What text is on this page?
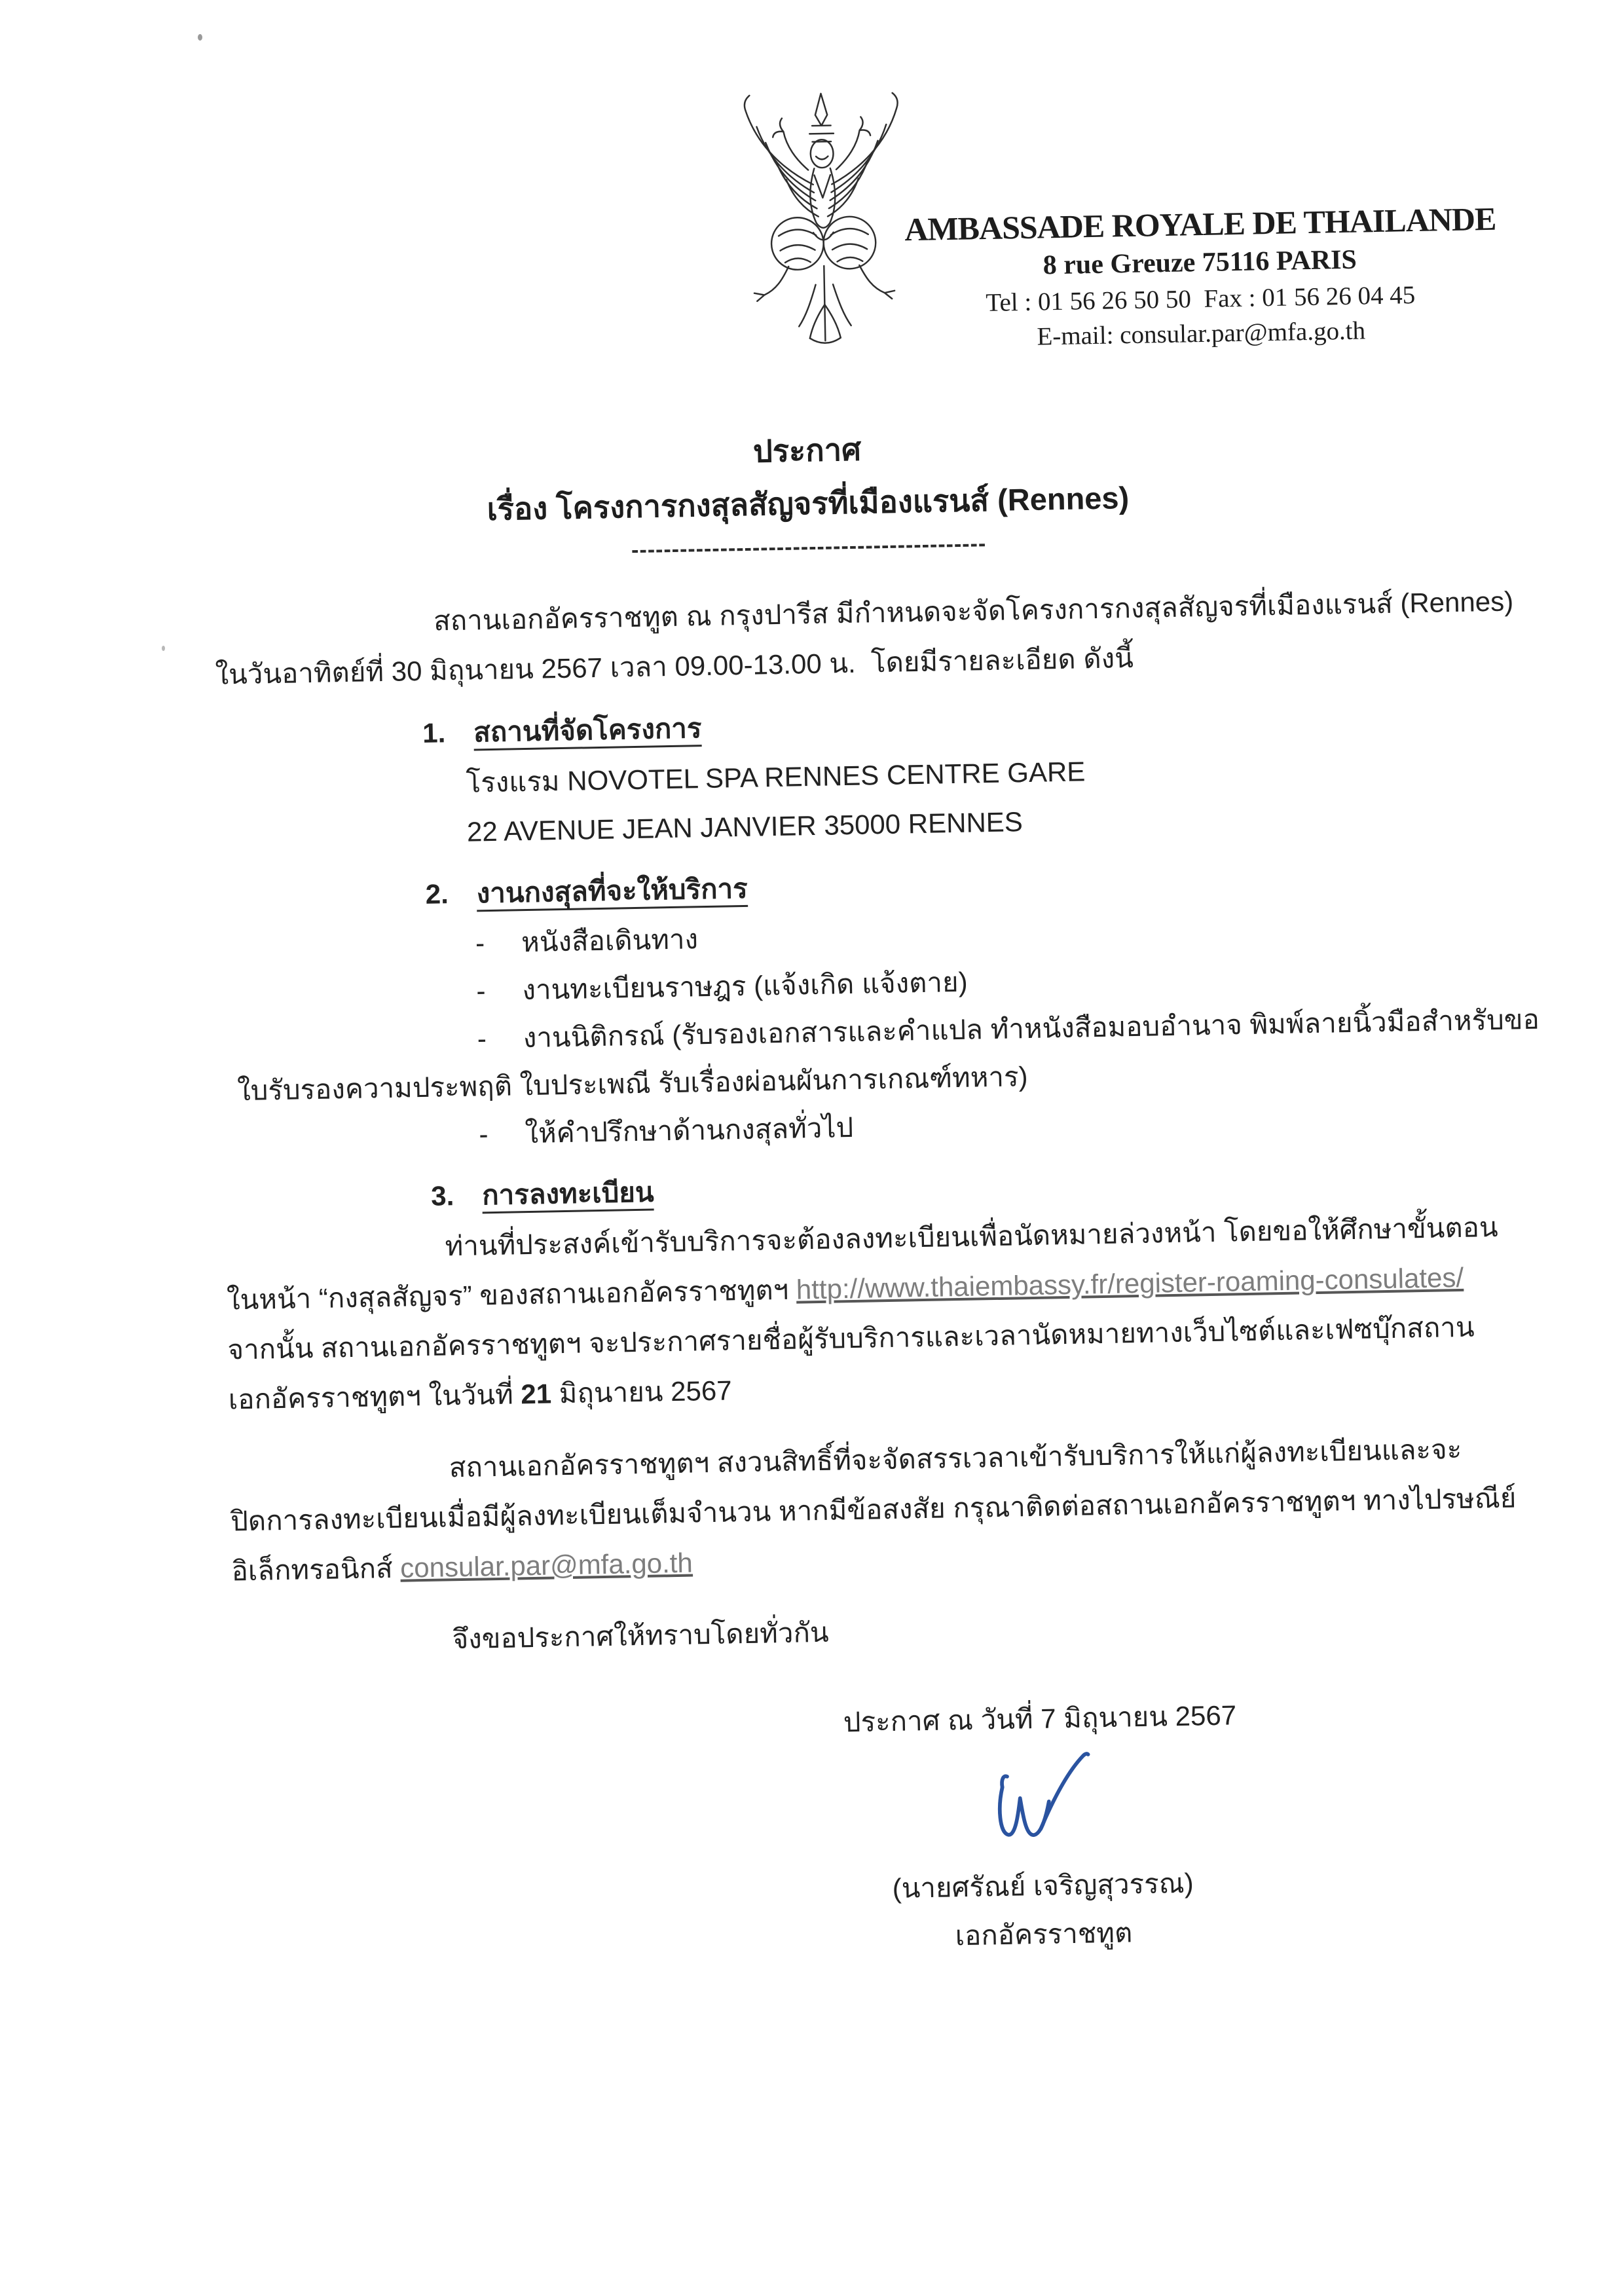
AMBASSADE ROYALE DE THAILANDE
8 rue Greuze 75116 PARIS
Tel : 01 56 26 50 50  Fax : 01 56 26 04 45
E-mail: consular.par@mfa.go.th
ประกาศ
เรื่อง โครงการกงสุลสัญจรที่เมืองแรนส์ (Rennes)
--------------------------------------------
สถานเอกอัครราชทูต ณ กรุงปารีส มีกำหนดจะจัดโครงการกงสุลสัญจรที่เมืองแรนส์ (Rennes)
ในวันอาทิตย์ที่ 30 มิถุนายน 2567 เวลา 09.00-13.00 น.  โดยมีรายละเอียด ดังนี้
1. สถานที่จัดโครงการ
โรงแรม NOVOTEL SPA RENNES CENTRE GARE
22 AVENUE JEAN JANVIER 35000 RENNES
2. งานกงสุลที่จะให้บริการ
- หนังสือเดินทาง
- งานทะเบียนราษฎร (แจ้งเกิด แจ้งตาย)
- งานนิติกรณ์ (รับรองเอกสารและคำแปล ทำหนังสือมอบอำนาจ พิมพ์ลายนิ้วมือสำหรับขอ
ใบรับรองความประพฤติ ใบประเพณี รับเรื่องผ่อนผันการเกณฑ์ทหาร)
- ให้คำปรึกษาด้านกงสุลทั่วไป
3. การลงทะเบียน
ท่านที่ประสงค์เข้ารับบริการจะต้องลงทะเบียนเพื่อนัดหมายล่วงหน้า โดยขอให้ศึกษาขั้นตอน
ในหน้า “กงสุลสัญจร” ของสถานเอกอัครราชทูตฯ http://www.thaiembassy.fr/register-roaming-consulates/
จากนั้น สถานเอกอัครราชทูตฯ จะประกาศรายชื่อผู้รับบริการและเวลานัดหมายทางเว็บไซต์และเฟซบุ๊กสถาน
เอกอัครราชทูตฯ ในวันที่ 21 มิถุนายน 2567
สถานเอกอัครราชทูตฯ สงวนสิทธิ์ที่จะจัดสรรเวลาเข้ารับบริการให้แก่ผู้ลงทะเบียนและจะ
ปิดการลงทะเบียนเมื่อมีผู้ลงทะเบียนเต็มจำนวน หากมีข้อสงสัย กรุณาติดต่อสถานเอกอัครราชทูตฯ ทางไปรษณีย์
อิเล็กทรอนิกส์ consular.par@mfa.go.th
จึงขอประกาศให้ทราบโดยทั่วกัน
ประกาศ ณ วันที่ 7 มิถุนายน 2567
(นายศรัณย์ เจริญสุวรรณ)
เอกอัครราชทูต
